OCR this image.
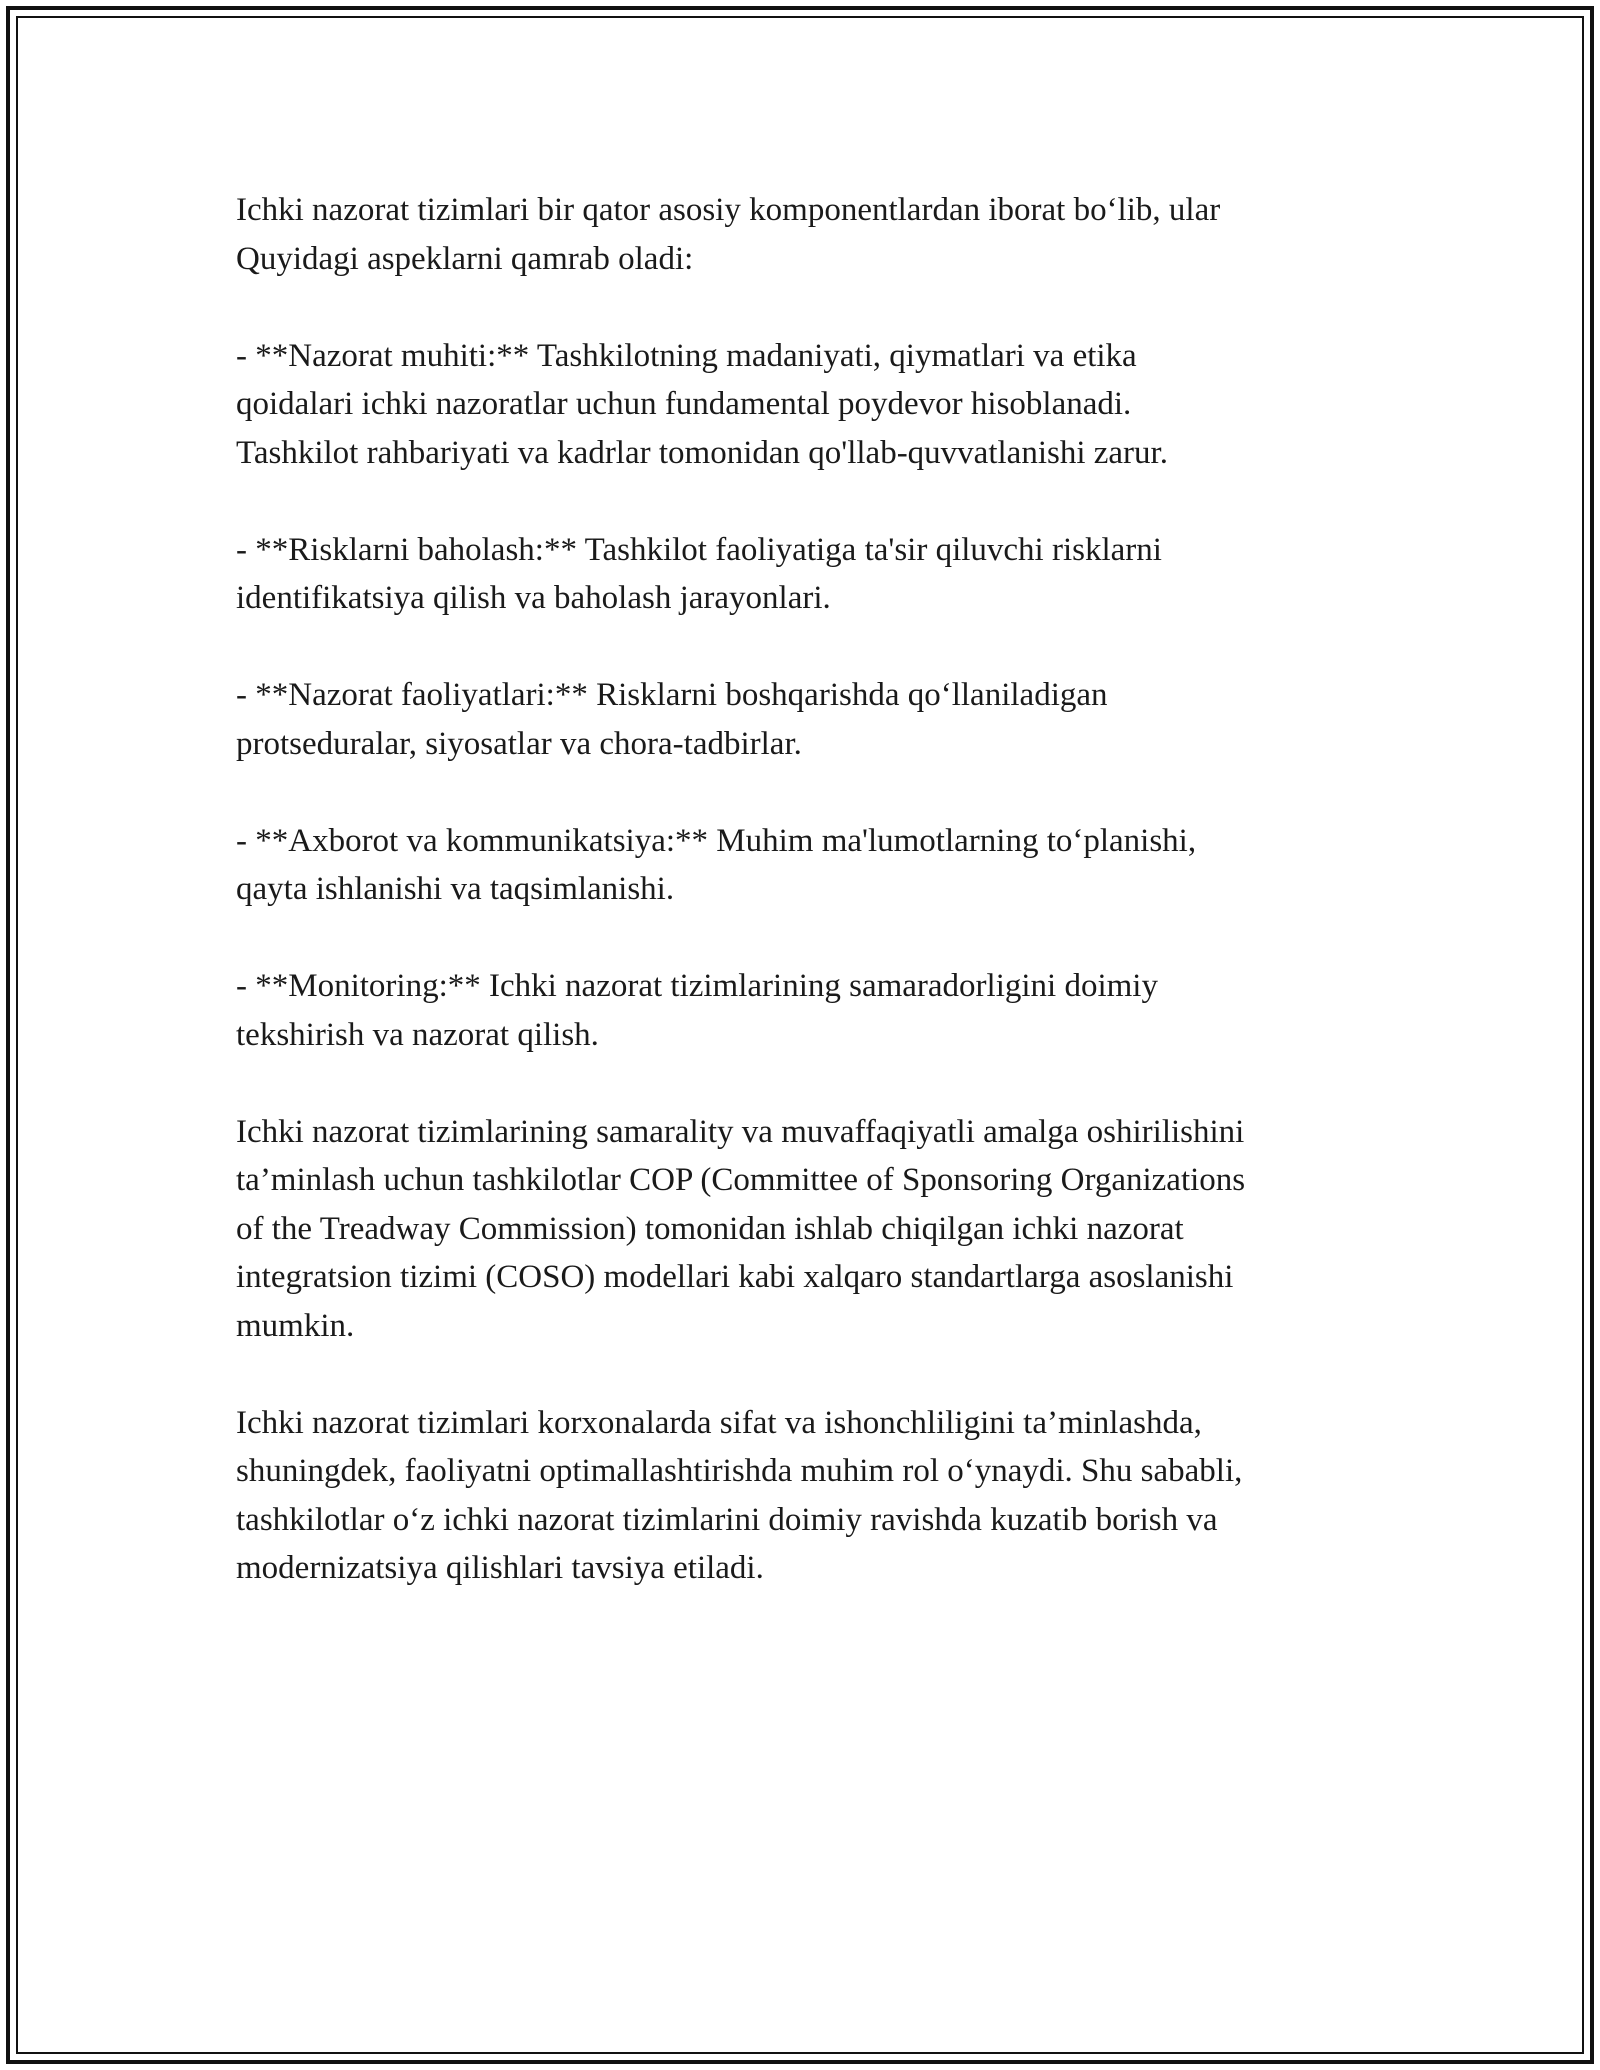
Ichki nazorat tizimlari bir qator asosiy komponentlardan iborat bo‘lib, ular
Quyidagi aspeklarni qamrab oladi:

- **Nazorat muhiti:** Tashkilotning madaniyati, qiymatlari va etika
qoidalari ichki nazoratlar uchun fundamental poydevor hisoblanadi.
Tashkilot rahbariyati va kadrlar tomonidan qo'llab-quvvatlanishi zarur.

- **Risklarni baholash:** Tashkilot faoliyatiga ta'sir qiluvchi risklarni
identifikatsiya qilish va baholash jarayonlari.

- **Nazorat faoliyatlari:** Risklarni boshqarishda qo‘llaniladigan
protseduralar, siyosatlar va chora-tadbirlar.

- **Axborot va kommunikatsiya:** Muhim ma'lumotlarning to‘planishi,
qayta ishlanishi va taqsimlanishi.

- **Monitoring:** Ichki nazorat tizimlarining samaradorligini doimiy
tekshirish va nazorat qilish.

Ichki nazorat tizimlarining samarality va muvaffaqiyatli amalga oshirilishini
ta’minlash uchun tashkilotlar COP (Committee of Sponsoring Organizations
of the Treadway Commission) tomonidan ishlab chiqilgan ichki nazorat
integratsion tizimi (COSO) modellari kabi xalqaro standartlarga asoslanishi
mumkin.

Ichki nazorat tizimlari korxonalarda sifat va ishonchliligini ta’minlashda,
shuningdek, faoliyatni optimallashtirishda muhim rol o‘ynaydi. Shu sababli,
tashkilotlar o‘z ichki nazorat tizimlarini doimiy ravishda kuzatib borish va
modernizatsiya qilishlari tavsiya etiladi.
